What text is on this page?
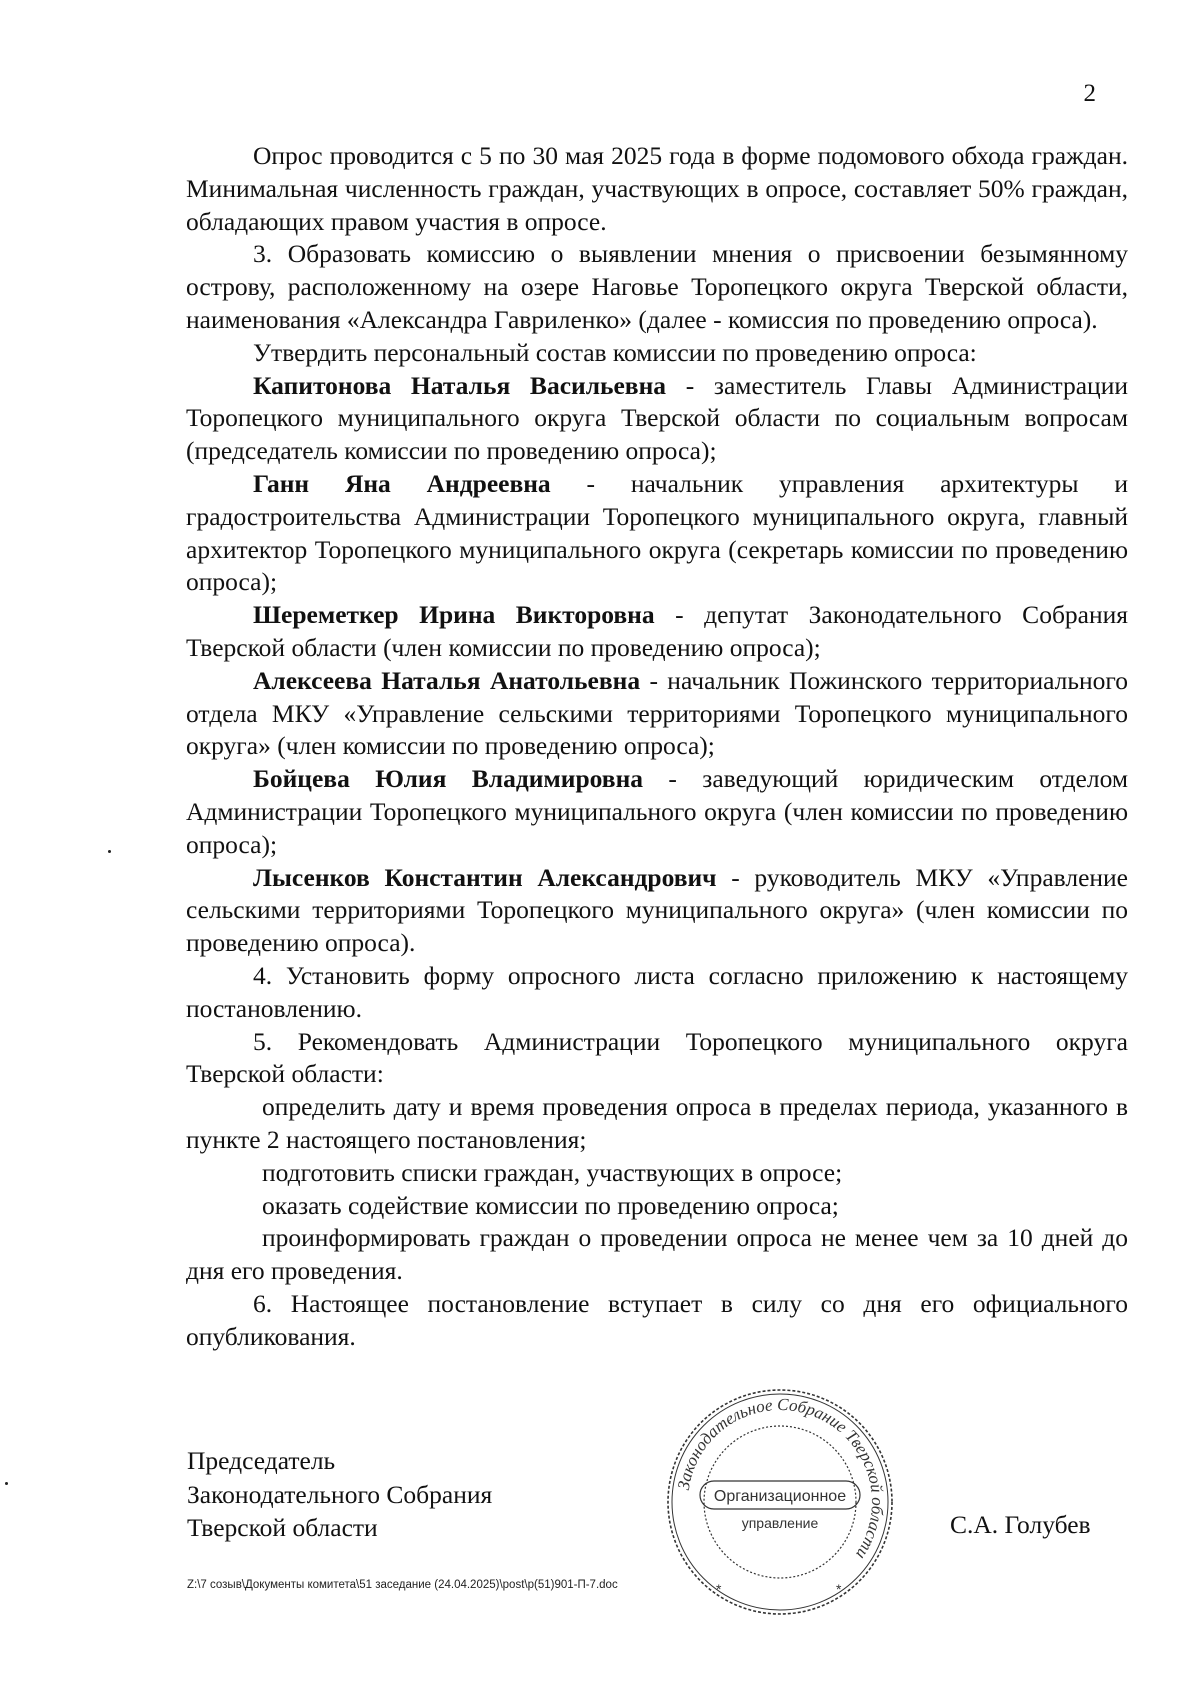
2

Опрос проводится с 5 по 30 мая 2025 года в форме подомового обхода граждан. Минимальная численность граждан, участвующих в опросе, составляет 50% граждан, обладающих правом участия в опросе.

3. Образовать комиссию о выявлении мнения о присвоении безымянному острову, расположенному на озере Наговье Торопецкого округа Тверской области, наименования «Александра Гавриленко» (далее - комиссия по проведению опроса).

Утвердить персональный состав комиссии по проведению опроса:

Капитонова Наталья Васильевна - заместитель Главы Администрации Торопецкого муниципального округа Тверской области по социальным вопросам (председатель комиссии по проведению опроса);

Ганн Яна Андреевна - начальник управления архитектуры и градостроительства Администрации Торопецкого муниципального округа, главный архитектор Торопецкого муниципального округа (секретарь комиссии по проведению опроса);

Шереметкер Ирина Викторовна - депутат Законодательного Собрания Тверской области (член комиссии по проведению опроса);

Алексеева Наталья Анатольевна - начальник Пожинского территориального отдела МКУ «Управление сельскими территориями Торопецкого муниципального округа» (член комиссии по проведению опроса);

Бойцева Юлия Владимировна - заведующий юридическим отделом Администрации Торопецкого муниципального округа (член комиссии по проведению опроса);

Лысенков Константин Александрович - руководитель МКУ «Управление сельскими территориями Торопецкого муниципального округа» (член комиссии по проведению опроса).

4. Установить форму опросного листа согласно приложению к настоящему постановлению.

5. Рекомендовать Администрации Торопецкого муниципального округа Тверской области:

определить дату и время проведения опроса в пределах периода, указанного в пункте 2 настоящего постановления;

подготовить списки граждан, участвующих в опросе;

оказать содействие комиссии по проведению опроса;

проинформировать граждан о проведении опроса не менее чем за 10 дней до дня его проведения.

6. Настоящее постановление вступает в силу со дня его официального опубликования.

Председатель
Законодательного Собрания
Тверской области	С.А. Голубев
Законодательное Собрание Тверской области
Организационное
управление
*	*
Z:\7 созыв\Документы комитета\51 заседание (24.04.2025)\post\p(51)901-П-7.doc
